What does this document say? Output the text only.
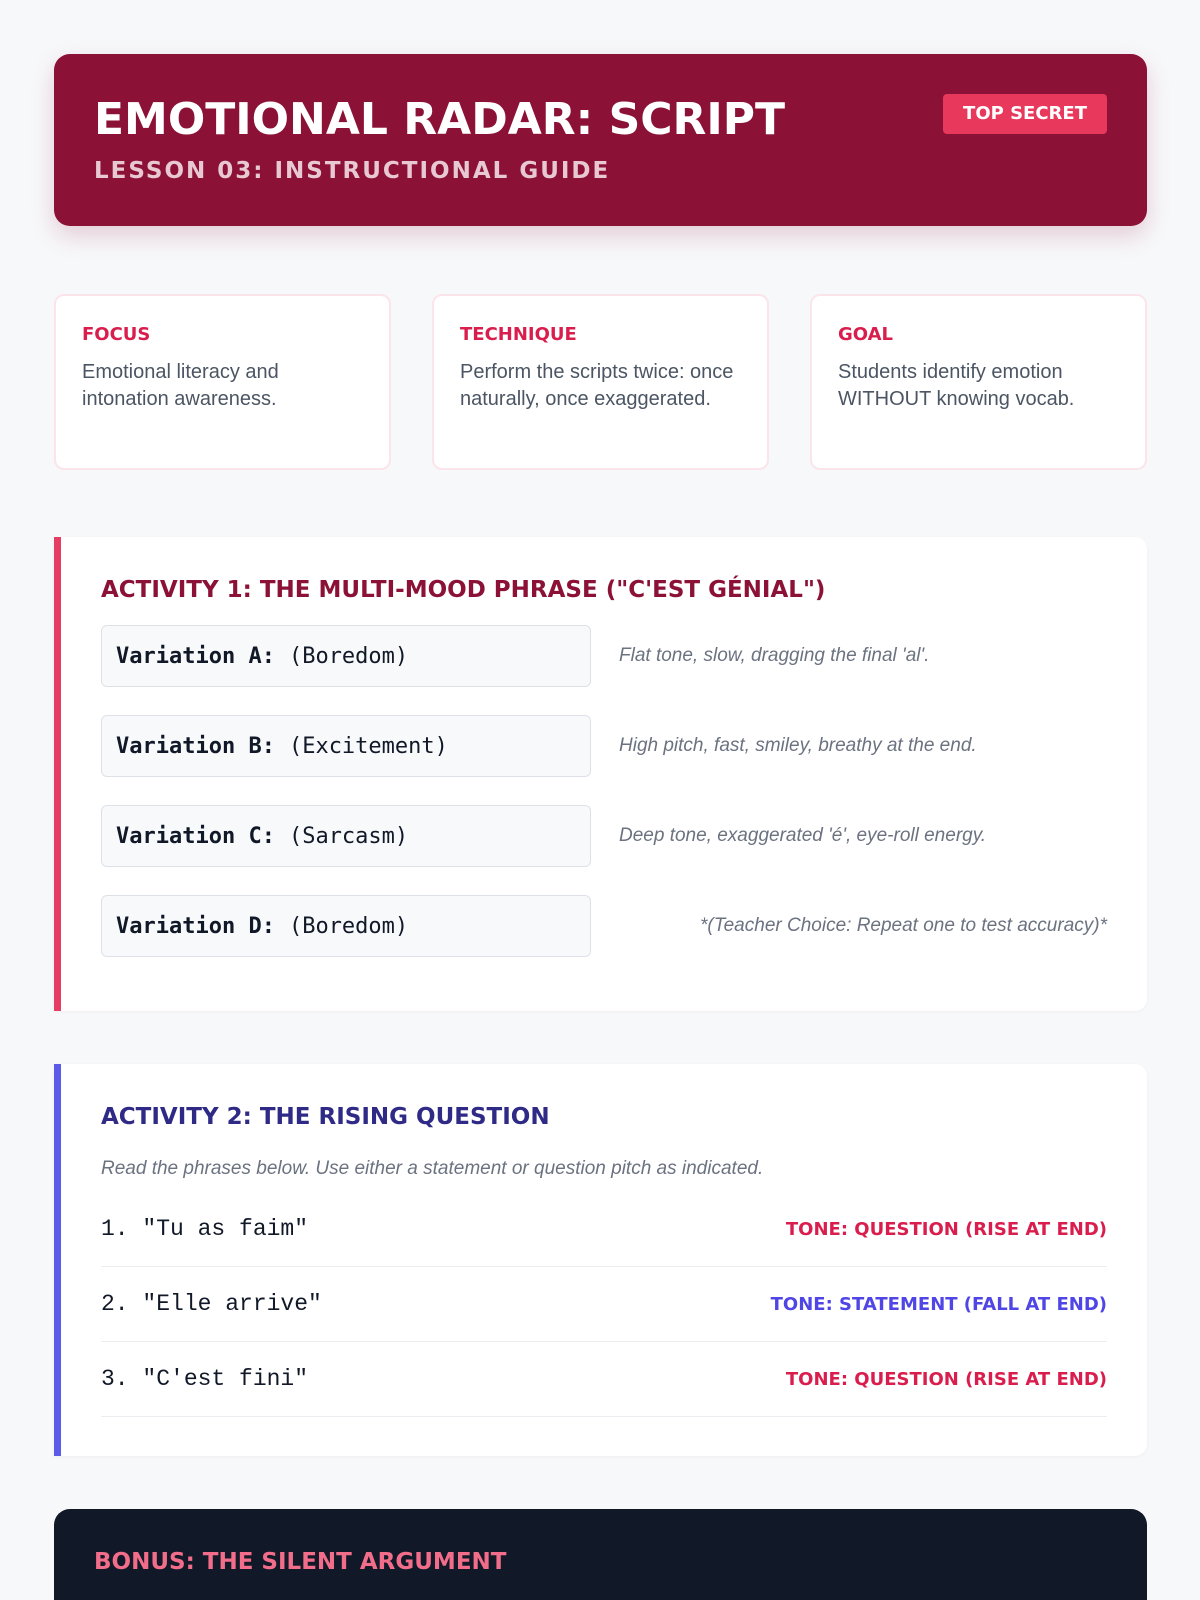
EMOTIONAL RADAR: SCRIPT
LESSON 03: INSTRUCTIONAL GUIDE
TOP SECRET
FOCUS
Emotional literacy and intonation awareness.
TECHNIQUE
Perform the scripts twice: once naturally, once exaggerated.
GOAL
Students identify emotion WITHOUT knowing vocab.
ACTIVITY 1: THE MULTI-MOOD PHRASE ("C'EST GÉNIAL")
Variation A: (Boredom)	Flat tone, slow, dragging the final 'al'.
Variation B: (Excitement)	High pitch, fast, smiley, breathy at the end.
Variation C: (Sarcasm)	Deep tone, exaggerated 'é', eye-roll energy.
Variation D: (Boredom)	*(Teacher Choice: Repeat one to test accuracy)*
ACTIVITY 2: THE RISING QUESTION
Read the phrases below. Use either a statement or question pitch as indicated.
1. "Tu as faim"	TONE: QUESTION (RISE AT END)
2. "Elle arrive"	TONE: STATEMENT (FALL AT END)
3. "C'est fini"	TONE: QUESTION (RISE AT END)
BONUS: THE SILENT ARGUMENT
